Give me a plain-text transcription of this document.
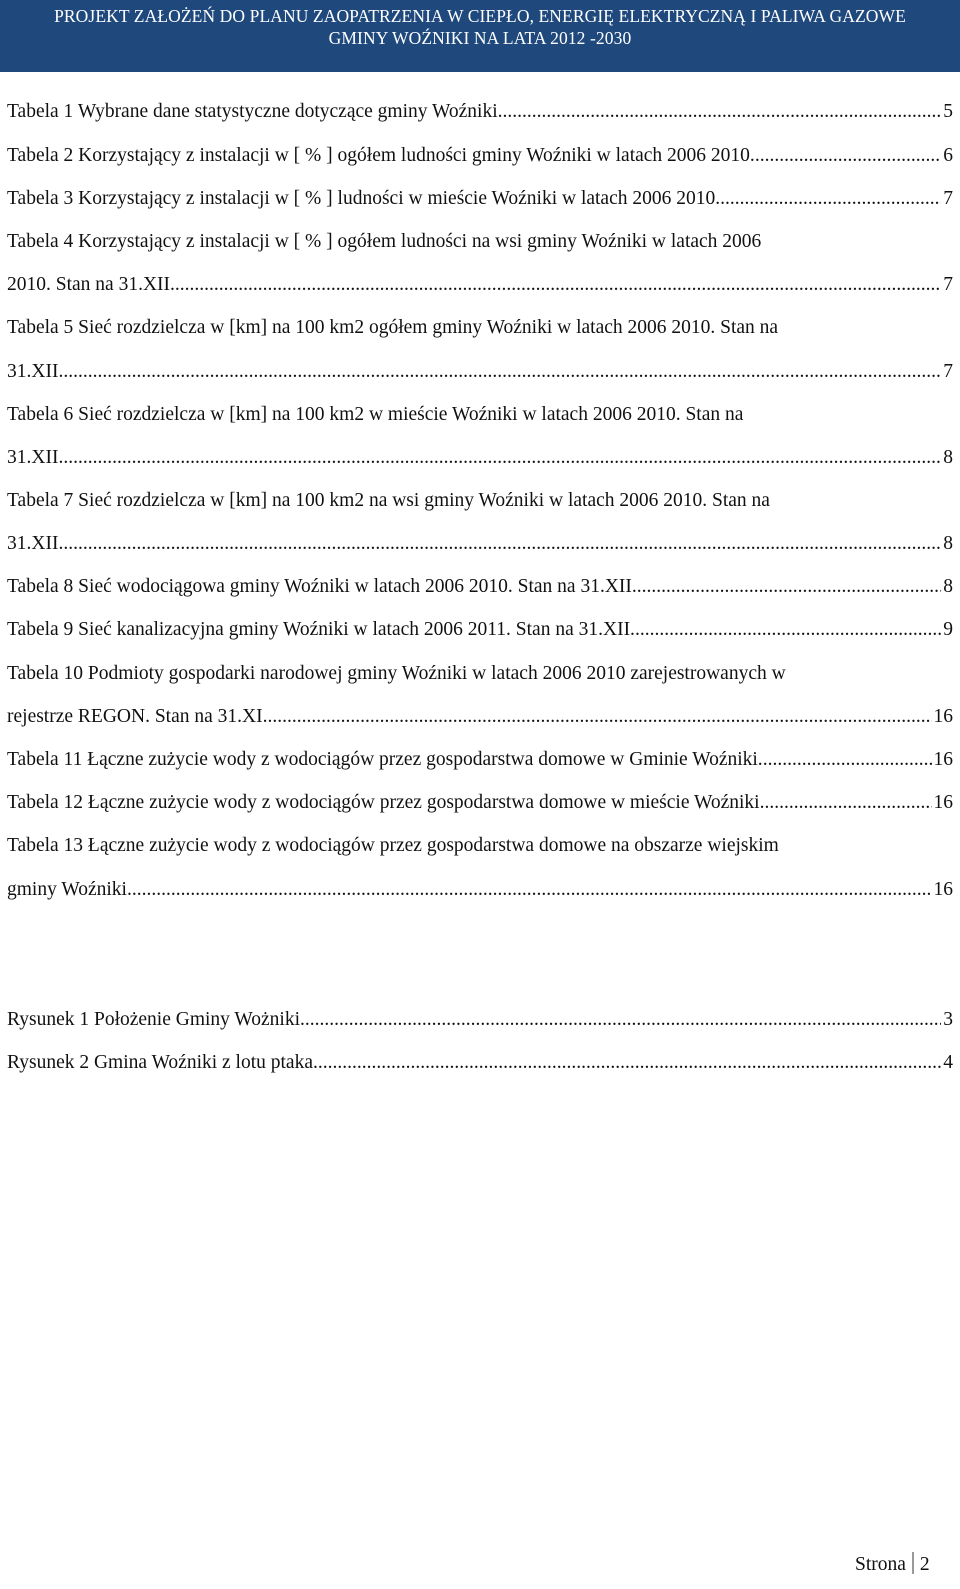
PROJEKT ZAŁOŻEŃ DO PLANU ZAOPATRZENIA W CIEPŁO, ENERGIĘ ELEKTRYCZNĄ I PALIWA GAZOWE
GMINY WOŹNIKI NA LATA 2012 -2030
Tabela 1 Wybrane dane statystyczne dotyczące gminy Woźniki .....	5
Tabela 2 Korzystający z instalacji w [ % ] ogółem ludności gminy Woźniki w latach 2006 2010. .....	6
Tabela 3 Korzystający z instalacji w [ % ] ludności w mieście Woźniki w latach 2006 2010. .....	7
Tabela 4 Korzystający z instalacji w [ % ] ogółem ludności na wsi gminy Woźniki w latach 2006
2010. Stan na 31.XII. .....	7
Tabela 5 Sieć rozdzielcza w [km] na 100 km2 ogółem gminy Woźniki w latach 2006 2010. Stan na
31.XII. .....	7
Tabela 6 Sieć rozdzielcza w [km] na 100 km2 w mieście Woźniki w latach 2006 2010. Stan na
31.XII. .....	8
Tabela 7 Sieć rozdzielcza w [km] na 100 km2 na wsi gminy Woźniki w latach 2006 2010. Stan na
31.XII. .....	8
Tabela 8 Sieć wodociągowa gminy Woźniki w latach 2006 2010. Stan na 31.XII .....	8
Tabela 9 Sieć kanalizacyjna gminy Woźniki w latach 2006 2011. Stan na 31.XII. .....	9
Tabela 10 Podmioty gospodarki narodowej gminy Woźniki w latach 2006 2010 zarejestrowanych w
rejestrze REGON. Stan na 31.XI. .....	16
Tabela 11 Łączne zużycie wody z wodociągów przez gospodarstwa domowe w Gminie Woźniki. .....	16
Tabela 12 Łączne zużycie wody z wodociągów przez gospodarstwa domowe w mieście Woźniki. .....	16
Tabela 13 Łączne zużycie wody z wodociągów przez gospodarstwa domowe na obszarze wiejskim
gminy Woźniki. .....	16
Rysunek 1 Położenie Gminy Wożniki .....	3
Rysunek 2 Gmina Woźniki z lotu ptaka .....	4
Strona 2
